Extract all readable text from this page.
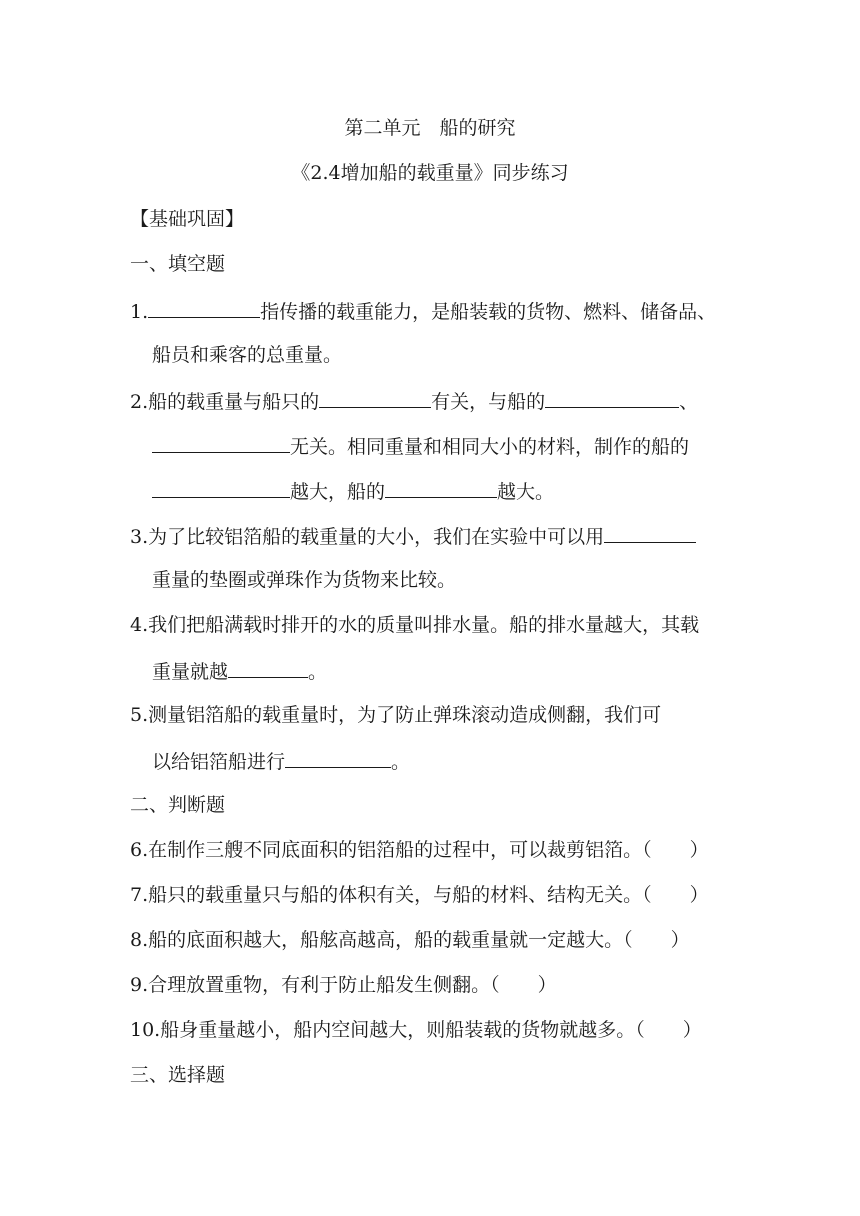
第二单元　船的研究
《2.4增加船的载重量》同步练习
【基础巩固】
一、填空题
1.	指传播的载重能力，是船装载的货物、燃料、储备品、
船员和乘客的总重量。
2.船的载重量与船只的	有关，与船的	、
无关。相同重量和相同大小的材料，制作的船的
越大，船的	越大。
3.为了比较铝箔船的载重量的大小，我们在实验中可以用
重量的垫圈或弹珠作为货物来比较。
4.我们把船满载时排开的水的质量叫排水量。船的排水量越大，其载
重量就越	。
5.测量铝箔船的载重量时，为了防止弹珠滚动造成侧翻，我们可
以给铝箔船进行	。
二、判断题
6.在制作三艘不同底面积的铝箔船的过程中，可以裁剪铝箔。（　　）
7.船只的载重量只与船的体积有关，与船的材料、结构无关。（　　）
8.船的底面积越大，船舷高越高，船的载重量就一定越大。（　　）
9.合理放置重物，有利于防止船发生侧翻。（　　）
10.船身重量越小，船内空间越大，则船装载的货物就越多。（　　）
三、选择题
